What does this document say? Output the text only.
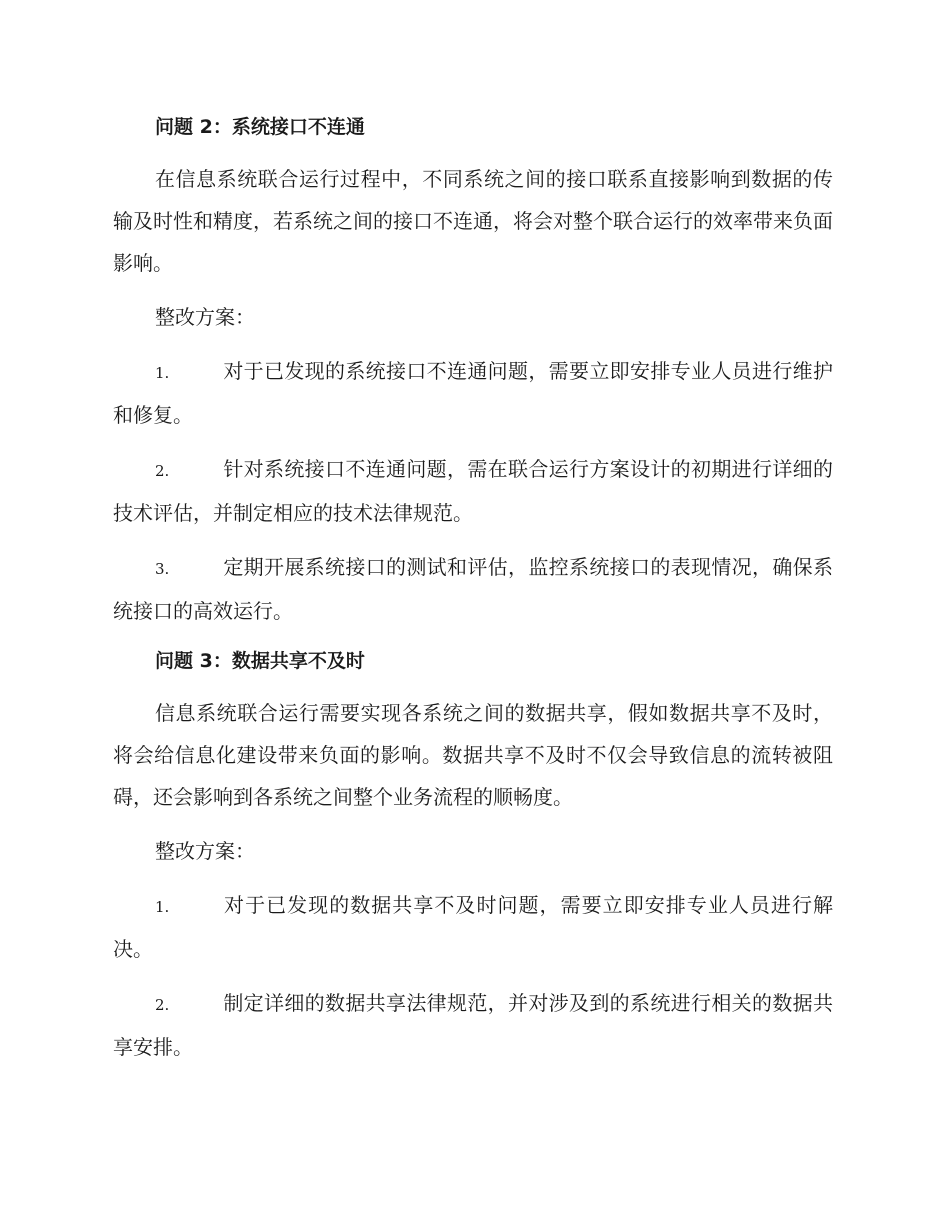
问题 2：系统接口不连通

在信息系统联合运行过程中，不同系统之间的接口联系直接影响到数据的传输及时性和精度，若系统之间的接口不连通，将会对整个联合运行的效率带来负面影响。

整改方案：

1.	对于已发现的系统接口不连通问题，需要立即安排专业人员进行维护和修复。

2.	针对系统接口不连通问题，需在联合运行方案设计的初期进行详细的技术评估，并制定相应的技术法律规范。

3.	定期开展系统接口的测试和评估，监控系统接口的表现情况，确保系统接口的高效运行。

问题 3：数据共享不及时

信息系统联合运行需要实现各系统之间的数据共享，假如数据共享不及时，将会给信息化建设带来负面的影响。数据共享不及时不仅会导致信息的流转被阻碍，还会影响到各系统之间整个业务流程的顺畅度。

整改方案：

1.	对于已发现的数据共享不及时问题，需要立即安排专业人员进行解决。

2.	制定详细的数据共享法律规范，并对涉及到的系统进行相关的数据共享安排。
